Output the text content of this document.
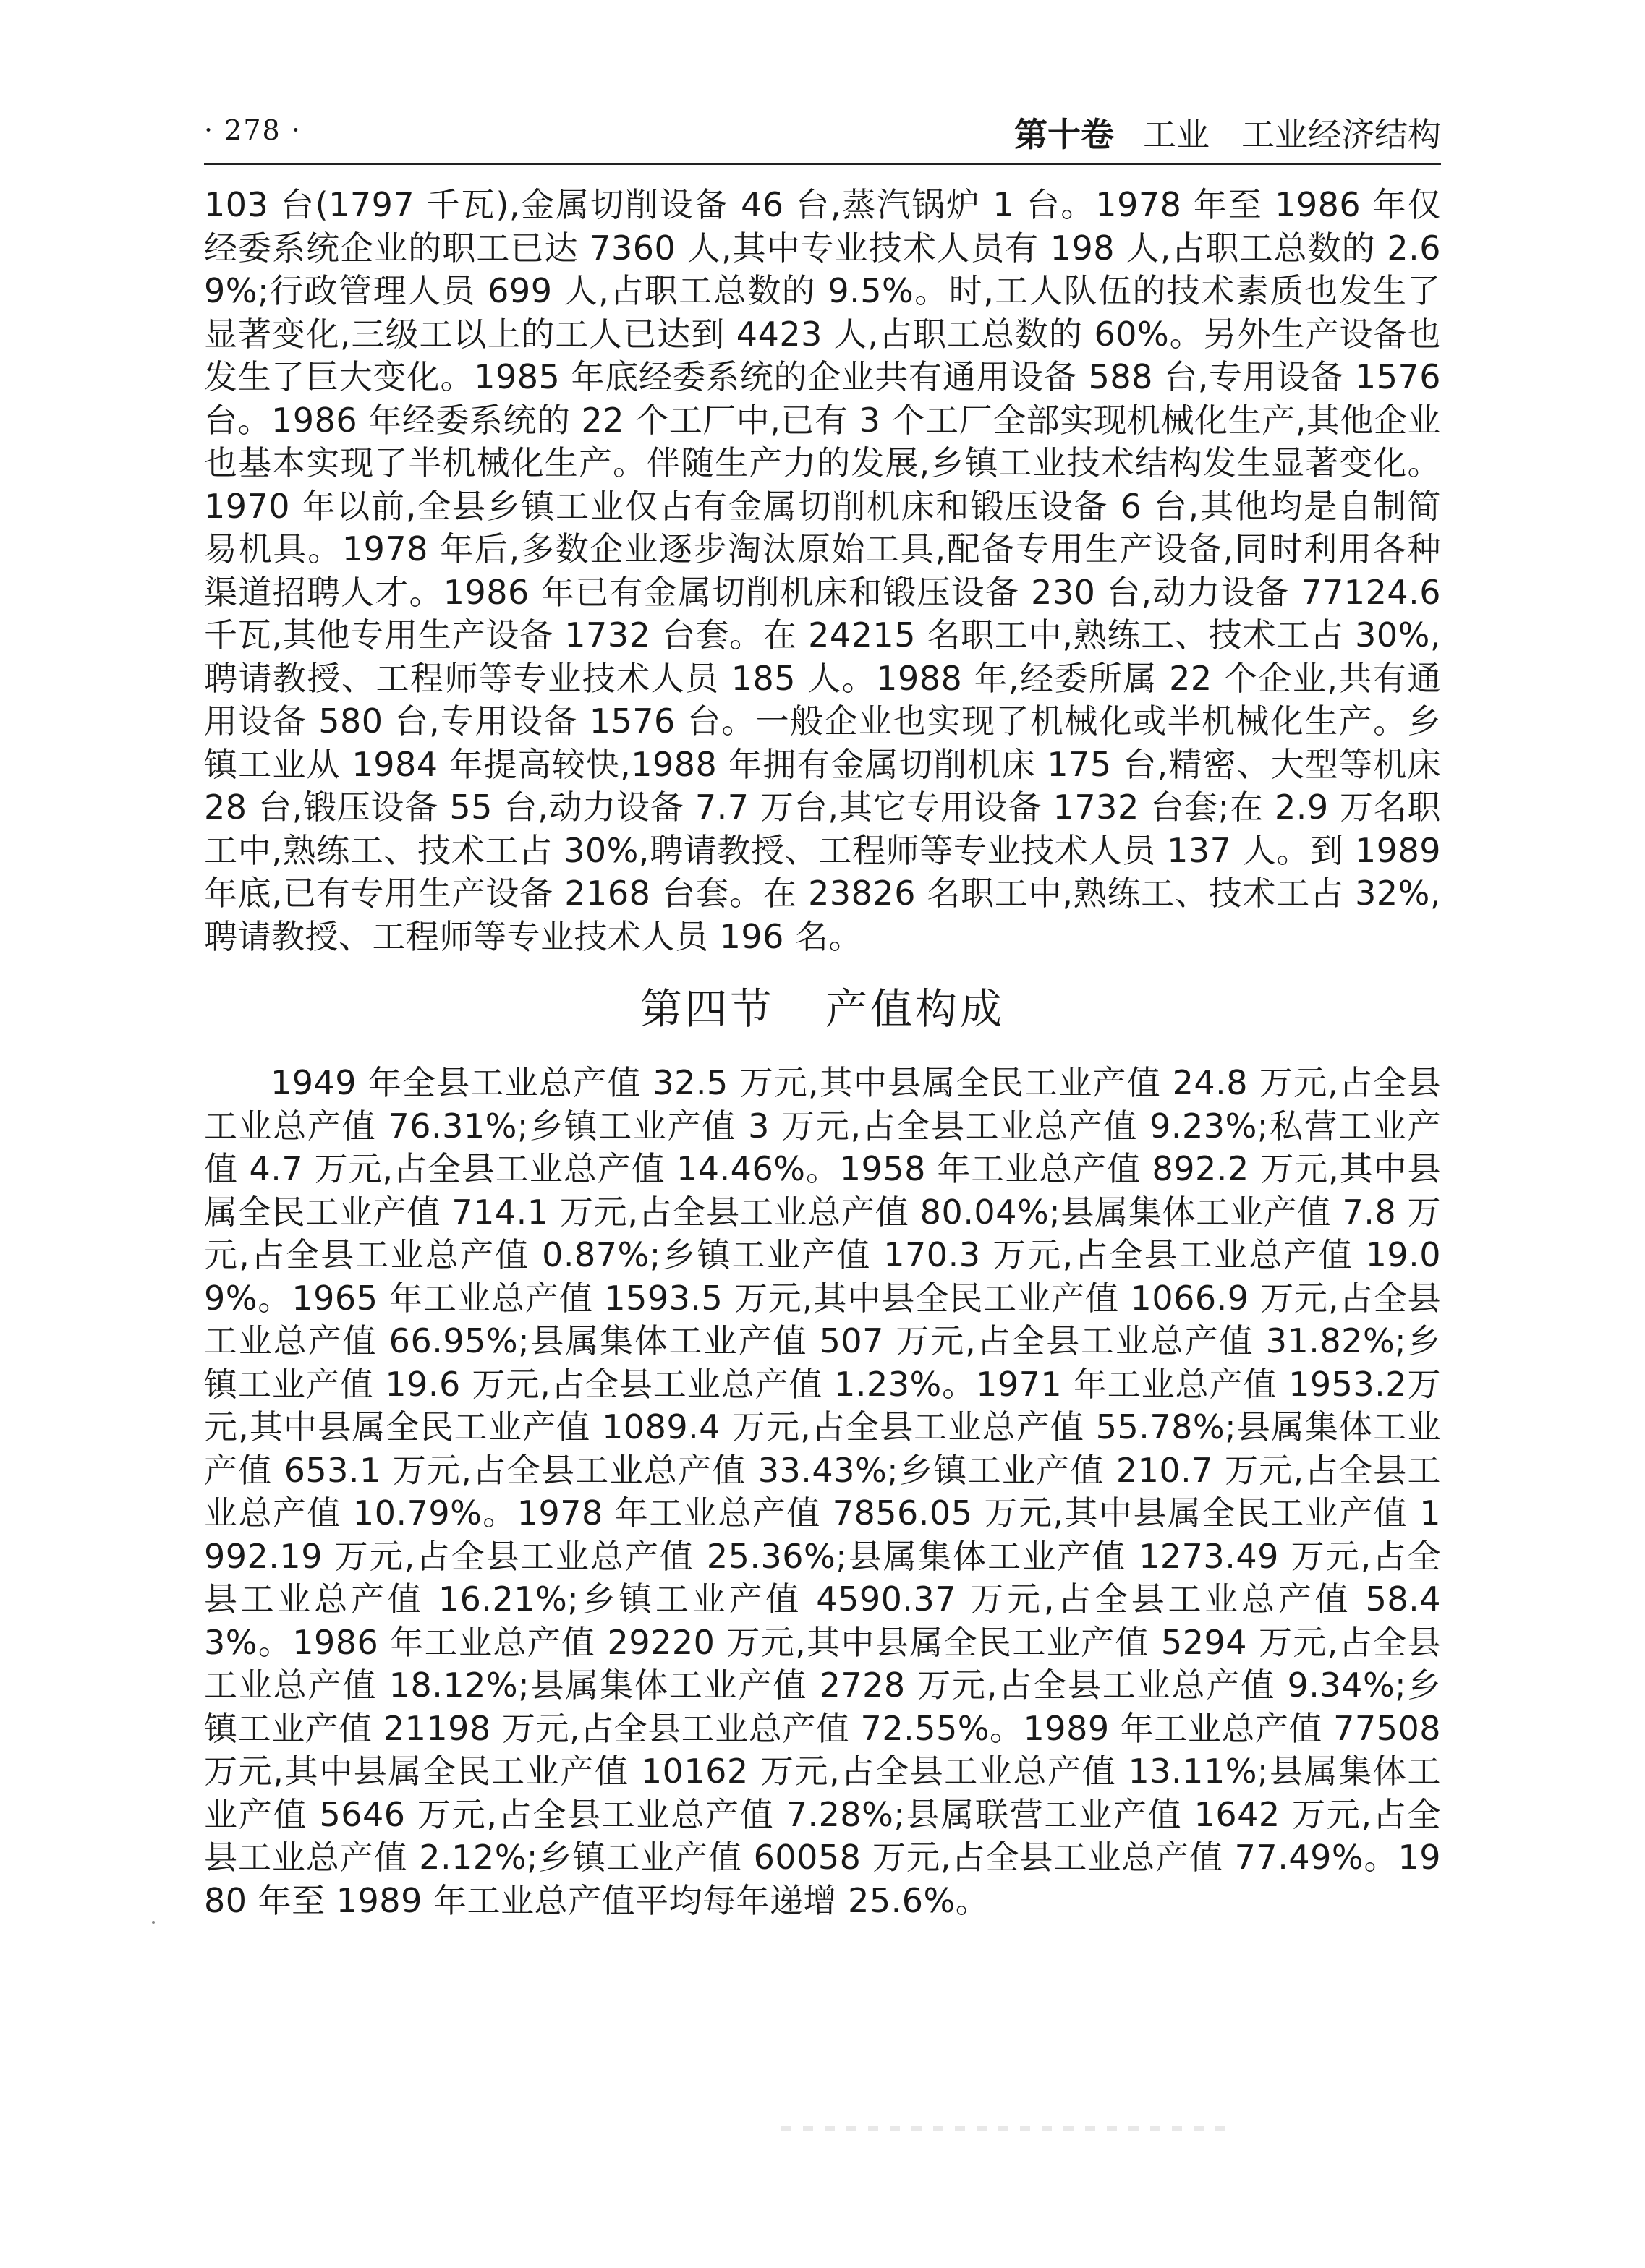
· 278 ·	第十卷 工业 工业经济结构

103 台(1797 千瓦),金属切削设备 46 台,蒸汽锅炉 1 台。1978 年至 1986 年仅经委系统企业的职工已达 7360 人,其中专业技术人员有 198 人,占职工总数的 2.69%;行政管理人员 699 人,占职工总数的 9.5%。时,工人队伍的技术素质也发生了显著变化,三级工以上的工人已达到 4423 人,占职工总数的 60%。另外生产设备也发生了巨大变化。1985 年底经委系统的企业共有通用设备 588 台,专用设备 1576 台。1986 年经委系统的 22 个工厂中,已有 3 个工厂全部实现机械化生产,其他企业也基本实现了半机械化生产。伴随生产力的发展,乡镇工业技术结构发生显著变化。1970 年以前,全县乡镇工业仅占有金属切削机床和锻压设备 6 台,其他均是自制简易机具。1978 年后,多数企业逐步淘汰原始工具,配备专用生产设备,同时利用各种渠道招聘人才。1986 年已有金属切削机床和锻压设备 230 台,动力设备 77124.6 千瓦,其他专用生产设备 1732 台套。在 24215 名职工中,熟练工、技术工占 30%,聘请教授、工程师等专业技术人员 185 人。1988 年,经委所属 22 个企业,共有通用设备 580 台,专用设备 1576 台。一般企业也实现了机械化或半机械化生产。乡镇工业从 1984 年提高较快,1988 年拥有金属切削机床 175 台,精密、大型等机床 28 台,锻压设备 55 台,动力设备 7.7 万台,其它专用设备 1732 台套;在 2.9 万名职工中,熟练工、技术工占 30%,聘请教授、工程师等专业技术人员 137 人。到 1989 年底,已有专用生产设备 2168 台套。在 23826 名职工中,熟练工、技术工占 32%,聘请教授、工程师等专业技术人员 196 名。

第四节 产值构成

1949 年全县工业总产值 32.5 万元,其中县属全民工业产值 24.8 万元,占全县工业总产值 76.31%;乡镇工业产值 3 万元,占全县工业总产值 9.23%;私营工业产值 4.7 万元,占全县工业总产值 14.46%。1958 年工业总产值 892.2 万元,其中县属全民工业产值 714.1 万元,占全县工业总产值 80.04%;县属集体工业产值 7.8 万元,占全县工业总产值 0.87%;乡镇工业产值 170.3 万元,占全县工业总产值 19.09%。1965 年工业总产值 1593.5 万元,其中县全民工业产值 1066.9 万元,占全县工业总产值 66.95%;县属集体工业产值 507 万元,占全县工业总产值 31.82%;乡镇工业产值 19.6 万元,占全县工业总产值 1.23%。1971 年工业总产值 1953.2万元,其中县属全民工业产值 1089.4 万元,占全县工业总产值 55.78%;县属集体工业产值 653.1 万元,占全县工业总产值 33.43%;乡镇工业产值 210.7 万元,占全县工业总产值 10.79%。1978 年工业总产值 7856.05 万元,其中县属全民工业产值 1992.19 万元,占全县工业总产值 25.36%;县属集体工业产值 1273.49 万元,占全县工业总产值 16.21%;乡镇工业产值 4590.37 万元,占全县工业总产值 58.43%。1986 年工业总产值 29220 万元,其中县属全民工业产值 5294 万元,占全县工业总产值 18.12%;县属集体工业产值 2728 万元,占全县工业总产值 9.34%;乡镇工业产值 21198 万元,占全县工业总产值 72.55%。1989 年工业总产值 77508 万元,其中县属全民工业产值 10162 万元,占全县工业总产值 13.11%;县属集体工业产值 5646 万元,占全县工业总产值 7.28%;县属联营工业产值 1642 万元,占全县工业总产值 2.12%;乡镇工业产值 60058 万元,占全县工业总产值 77.49%。1980 年至 1989 年工业总产值平均每年递增 25.6%。
